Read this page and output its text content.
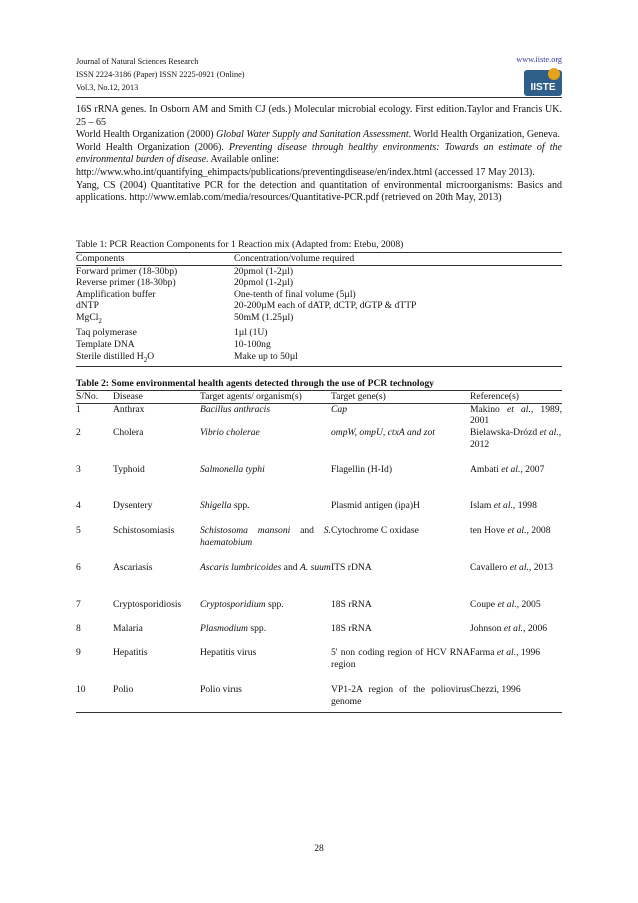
Journal of Natural Sciences Research
ISSN 2224-3186 (Paper) ISSN 2225-0921 (Online)
Vol.3, No.12, 2013
www.iiste.org
IISTE

16S rRNA genes. In Osborn AM and Smith CJ (eds.) Molecular microbial ecology. First edition.Taylor and Francis UK. 25 – 65

World Health Organization (2000) Global Water Supply and Sanitation Assessment. World Health Organization, Geneva.

World Health Organization (2006). Preventing disease through healthy environments: Towards an estimate of the environmental burden of disease. Available online:

http://www.who.int/quantifying_ehimpacts/publications/preventingdisease/en/index.html (accessed 17 May 2013).

Yang, CS (2004) Quantitative PCR for the detection and quantitation of environmental microorganisms: Basics and applications. http://www.emlab.com/media/resources/Quantitative-PCR.pdf (retrieved on 20th May, 2013)

Table 1: PCR Reaction Components for 1 Reaction mix (Adapted from: Etebu, 2008)
Components	Concentration/volume required
Forward primer (18-30bp)	20pmol (1-2µl)
Reverse primer (18-30bp)	20pmol (1-2µl)
Amplification buffer	One-tenth of final volume (5µl)
dNTP	20-200µM each of dATP, dCTP, dGTP & dTTP
MgCl$_2$	50mM (1.25µl)
Taq polymerase	1µl (1U)
Template DNA	10-100ng
Sterile distilled $H_2O$	Make up to 50µl
Table 2: Some environmental health agents detected through the use of PCR technology
S/No.	Disease	Target agents/ organism(s)	Target gene(s)	Reference(s)
1	Anthrax	Bacillus anthracis	Cap	Makino et al., 1989, 2001
2	Cholera	Vibrio cholerae	ompW, ompU, ctxA and zot	Bielawska-Drózd et al., 2012
3	Typhoid	Salmonella typhi	Flagellin (H-Id)	Ambati et al., 2007
4	Dysentery	Shigella spp.	Plasmid antigen (ipa)H	Islam et al., 1998
5	Schistosomiasis	Schistosoma mansoni and S. haematobium	Cytochrome C oxidase	ten Hove et al., 2008
6	Ascariasis	Ascaris lumbricoides and A. suum	ITS rDNA	Cavallero et al., 2013
7	Cryptosporidiosis	Cryptosporidium spp.	18S rRNA	Coupe et al., 2005
8	Malaria	Plasmodium spp.	18S rRNA	Johnson et al., 2006
9	Hepatitis	Hepatitis virus	5' non coding region of HCV RNA region	Farma et al., 1996
10	Polio	Polio virus	VP1-2A region of the poliovirus genome	Chezzi, 1996
28
